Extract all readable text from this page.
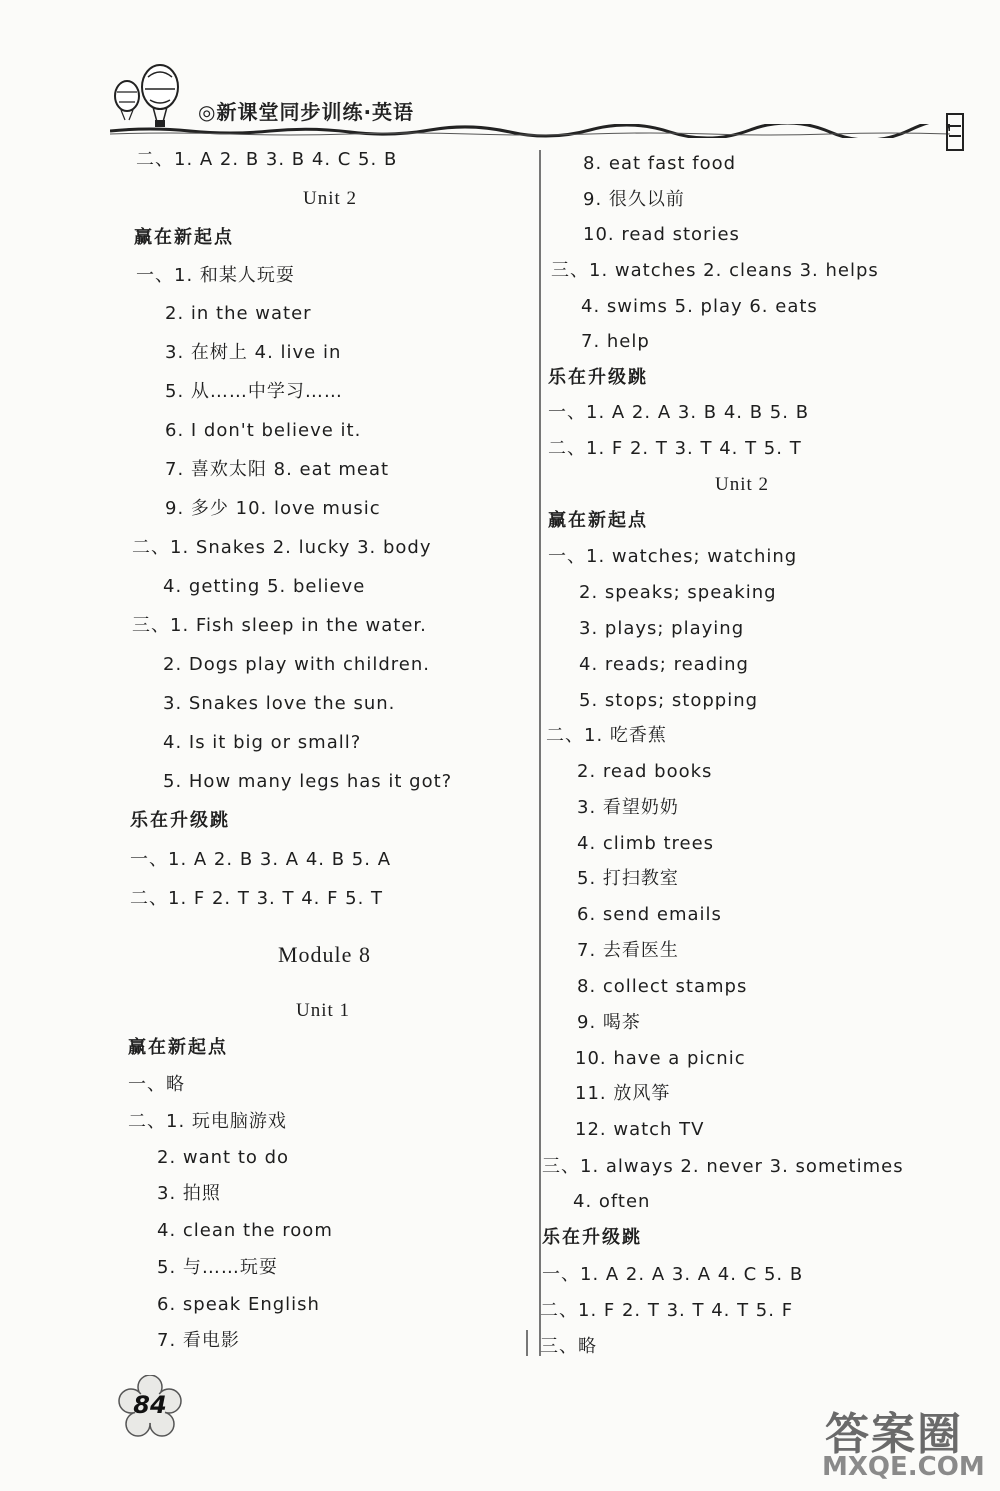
◎新课堂同步训练·英语
二、1. A 2. B 3. B 4. C 5. B
Unit 2
赢在新起点
一、1. 和某人玩耍
2. in the water
3. 在树上 4. live in
5. 从……中学习……
6. I don't believe it.
7. 喜欢太阳 8. eat meat
9. 多少 10. love music
二、1. Snakes 2. lucky 3. body
4. getting 5. believe
三、1. Fish sleep in the water.
2. Dogs play with children.
3. Snakes love the sun.
4. Is it big or small?
5. How many legs has it got?
乐在升级跳
一、1. A 2. B 3. A 4. B 5. A
二、1. F 2. T 3. T 4. F 5. T
Module 8
Unit 1
赢在新起点
一、略
二、1. 玩电脑游戏
2. want to do
3. 拍照
4. clean the room
5. 与……玩耍
6. speak English
7. 看电影
8. eat fast food
9. 很久以前
10. read stories
三、1. watches 2. cleans 3. helps
4. swims 5. play 6. eats
7. help
乐在升级跳
一、1. A 2. A 3. B 4. B 5. B
二、1. F 2. T 3. T 4. T 5. T
Unit 2
赢在新起点
一、1. watches; watching
2. speaks; speaking
3. plays; playing
4. reads; reading
5. stops; stopping
二、1. 吃香蕉
2. read books
3. 看望奶奶
4. climb trees
5. 打扫教室
6. send emails
7. 去看医生
8. collect stamps
9. 喝茶
10. have a picnic
11. 放风筝
12. watch TV
三、1. always 2. never 3. sometimes
4. often
乐在升级跳
一、1. A 2. A 3. A 4. C 5. B
二、1. F 2. T 3. T 4. T 5. F
三、略
84
答案圈
MXQE.COM
